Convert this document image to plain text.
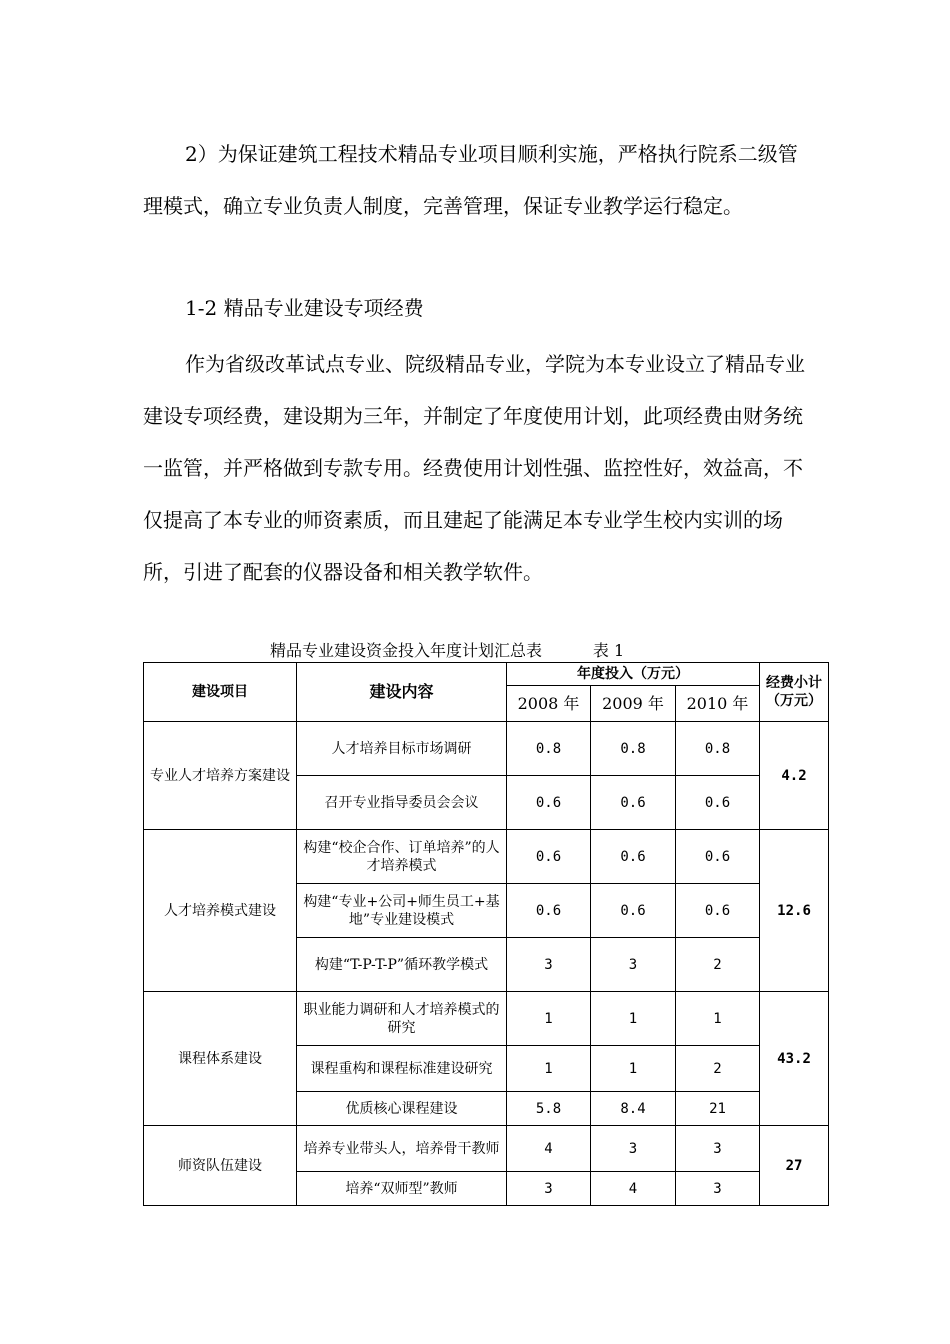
2）为保证建筑工程技术精品专业项目顺利实施，严格执行院系二级管理模式，确立专业负责人制度，完善管理，保证专业教学运行稳定。

1-2 精品专业建设专项经费

作为省级改革试点专业、院级精品专业，学院为本专业设立了精品专业建设专项经费，建设期为三年，并制定了年度使用计划，此项经费由财务统一监管，并严格做到专款专用。经费使用计划性强、监控性好，效益高，不仅提高了本专业的师资素质，而且建起了能满足本专业学生校内实训的场所，引进了配套的仪器设备和相关教学软件。

精品专业建设资金投入年度计划汇总表          表 1
建设项目	建设内容	年度投入（万元）			经费小计（万元）
		2008 年	2009 年	2010 年	
专业人才培养方案建设	人才培养目标市场调研	0.8	0.8	0.8	4.2
	召开专业指导委员会会议	0.6	0.6	0.6	
人才培养模式建设	构建“校企合作、订单培养”的人才培养模式	0.6	0.6	0.6	12.6
	构建“专业+公司+师生员工+基地”专业建设模式	0.6	0.6	0.6	
	构建“T-P-T-P”循环教学模式	3	3	2	
课程体系建设	职业能力调研和人才培养模式的研究	1	1	1	43.2
	课程重构和课程标准建设研究	1	1	2	
	优质核心课程建设	5.8	8.4	21	
师资队伍建设	培养专业带头人，培养骨干教师	4	3	3	27
	培养“双师型”教师	3	4	3	
